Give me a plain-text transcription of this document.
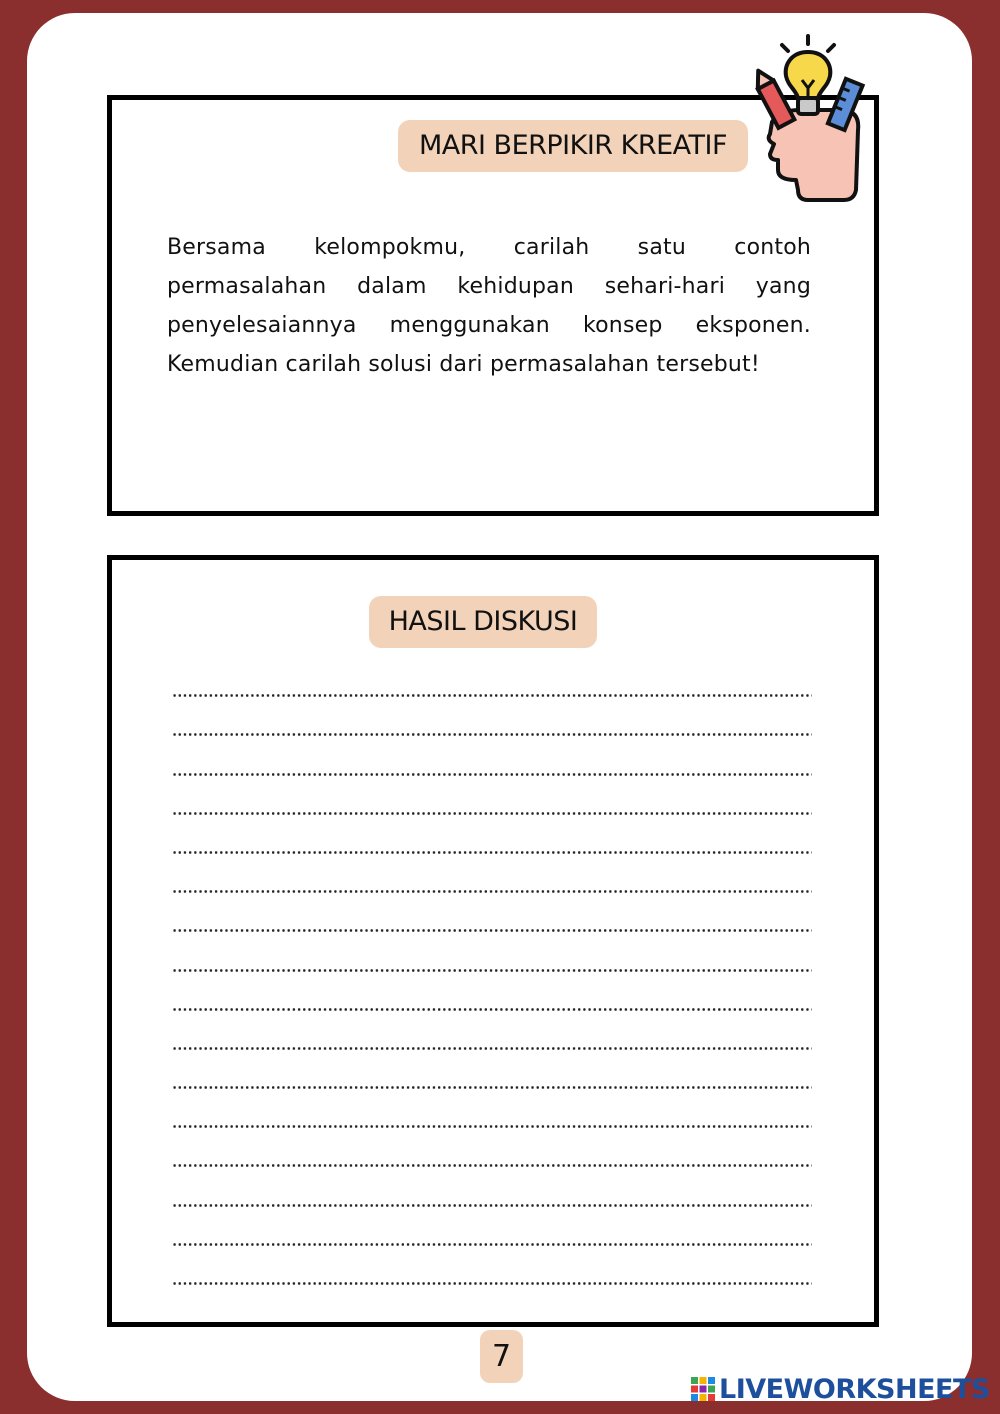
MARI BERPIKIR KREATIF
Bersama kelompokmu, carilah satu contoh permasalahan dalam kehidupan sehari-hari yang penyelesaiannya menggunakan konsep eksponen. Kemudian carilah solusi dari permasalahan tersebut!
HASIL DISKUSI
7
LIVEWORKSHEETS
